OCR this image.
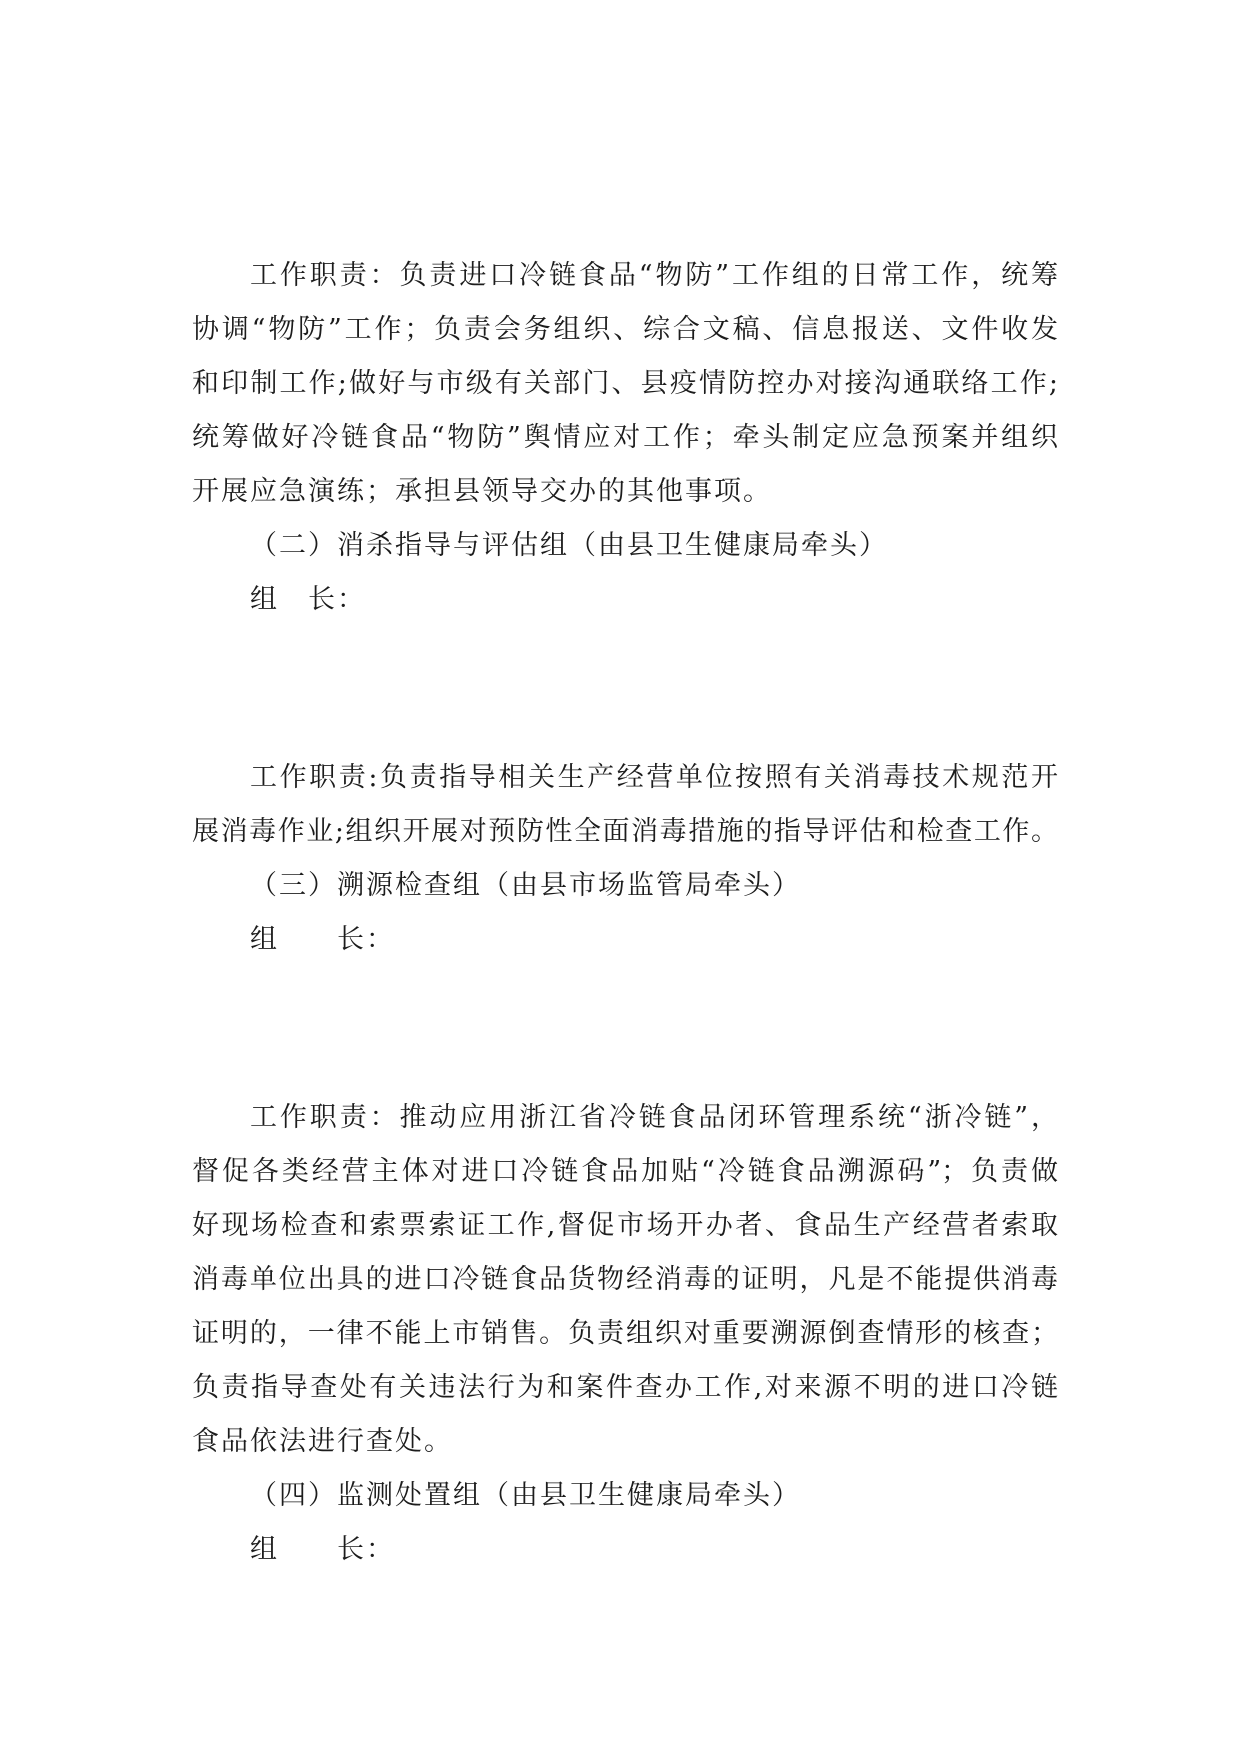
工作职责：负责进口冷链食品“物防”工作组的日常工作，统筹

协调“物防”工作；负责会务组织、综合文稿、信息报送、文件收发

和印制工作;做好与市级有关部门、县疫情防控办对接沟通联络工作;

统筹做好冷链食品“物防”舆情应对工作；牵头制定应急预案并组织

开展应急演练；承担县领导交办的其他事项。

（二）消杀指导与评估组（由县卫生健康局牵头）

组　长：

工作职责:负责指导相关生产经营单位按照有关消毒技术规范开

展消毒作业;组织开展对预防性全面消毒措施的指导评估和检查工作。

（三）溯源检查组（由县市场监管局牵头）

组　　长：

工作职责：推动应用浙江省冷链食品闭环管理系统“浙冷链”，

督促各类经营主体对进口冷链食品加贴“冷链食品溯源码”；负责做

好现场检查和索票索证工作,督促市场开办者、食品生产经营者索取

消毒单位出具的进口冷链食品货物经消毒的证明，凡是不能提供消毒

证明的，一律不能上市销售。负责组织对重要溯源倒查情形的核查；

负责指导查处有关违法行为和案件查办工作,对来源不明的进口冷链

食品依法进行查处。

（四）监测处置组（由县卫生健康局牵头）

组　　长：
